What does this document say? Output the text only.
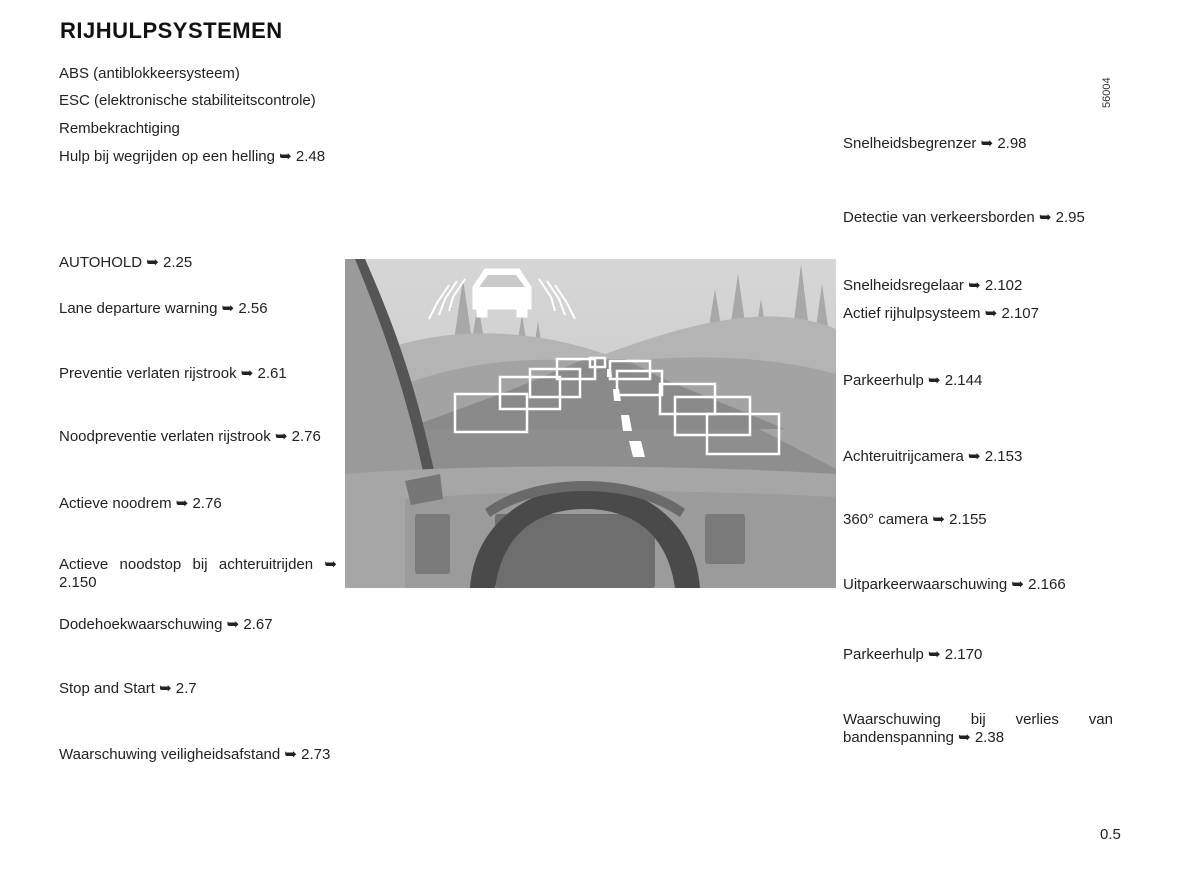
RIJHULPSYSTEMEN
56004
ABS (antiblokkeersysteem)
ESC (elektronische stabiliteitscontrole)
Rembekrachtiging
Hulp bij wegrijden op een helling ➥ 2.48
AUTOHOLD ➥ 2.25
Lane departure warning ➥ 2.56
Preventie verlaten rijstrook ➥ 2.61
Noodpreventie verlaten rijstrook ➥ 2.76
Actieve noodrem ➥ 2.76
Actieve noodstop bij achteruitrijden ➥ 2.150
Dodehoekwaarschuwing ➥ 2.67
Stop and Start ➥ 2.7
Waarschuwing veiligheidsafstand ➥ 2.73
Snelheidsbegrenzer ➥ 2.98
Detectie van verkeersborden ➥ 2.95
Snelheidsregelaar ➥ 2.102
Actief rijhulpsysteem ➥ 2.107
Parkeerhulp ➥ 2.144
Achteruitrijcamera ➥ 2.153
360° camera ➥ 2.155
Uitparkeerwaarschuwing ➥ 2.166
Parkeerhulp ➥ 2.170
Waarschuwing bij verlies van bandenspanning ➥ 2.38
0.5
